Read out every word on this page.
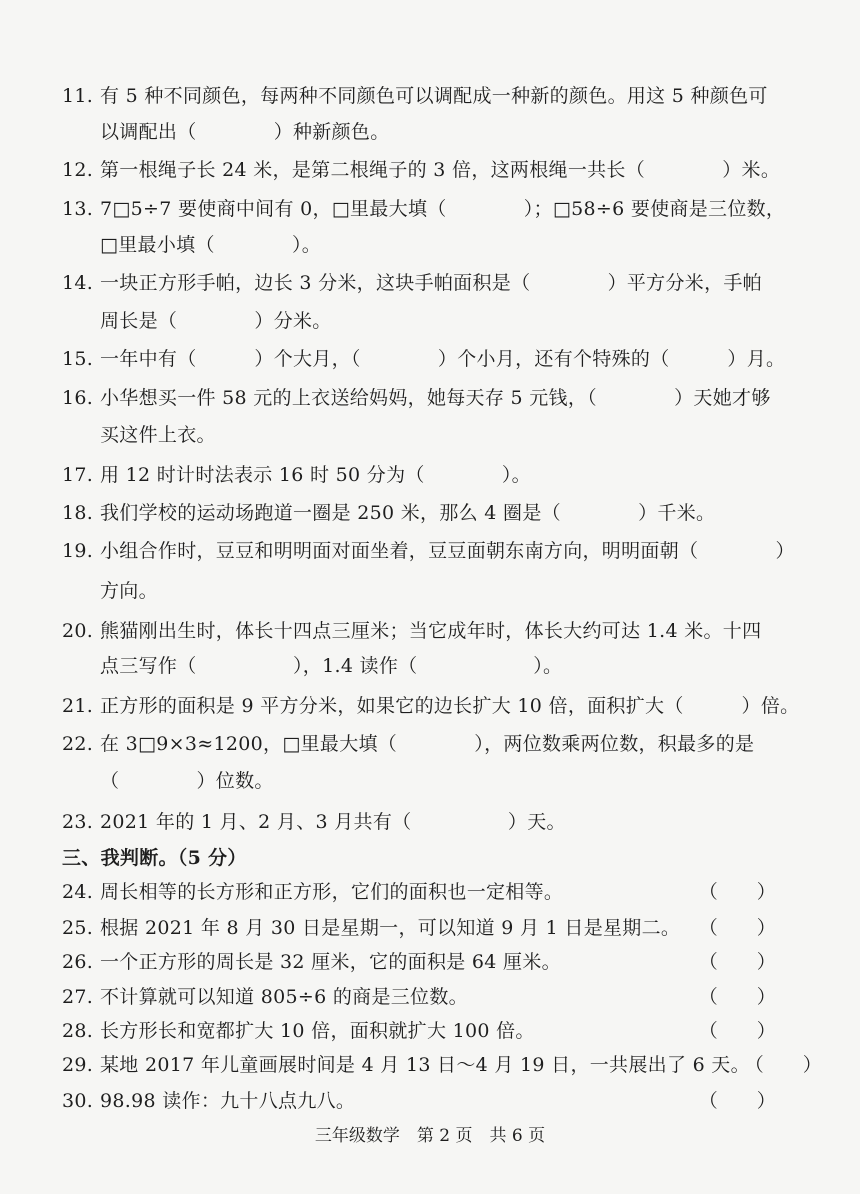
11. 有 5 种不同颜色，每两种不同颜色可以调配成一种新的颜色。用这 5 种颜色可
以调配出（　　　　）种新颜色。
12. 第一根绳子长 24 米，是第二根绳子的 3 倍，这两根绳一共长（　　　　）米。
13. 7□5÷7 要使商中间有 0，□里最大填（　　　　）；□58÷6 要使商是三位数，
□里最小填（　　　　）。
14. 一块正方形手帕，边长 3 分米，这块手帕面积是（　　　　）平方分米，手帕
周长是（　　　　）分米。
15. 一年中有（　　　）个大月，（　　　　）个小月，还有个特殊的（　　　）月。
16. 小华想买一件 58 元的上衣送给妈妈，她每天存 5 元钱，（　　　　）天她才够
买这件上衣。
17. 用 12 时计时法表示 16 时 50 分为（　　　　）。
18. 我们学校的运动场跑道一圈是 250 米，那么 4 圈是（　　　　）千米。
19. 小组合作时，豆豆和明明面对面坐着，豆豆面朝东南方向，明明面朝（　　　　）
方向。
20. 熊猫刚出生时，体长十四点三厘米；当它成年时，体长大约可达 1.4 米。十四
点三写作（　　　　　），1.4 读作（　　　　　　）。
21. 正方形的面积是 9 平方分米，如果它的边长扩大 10 倍，面积扩大（　　　）倍。
22. 在 3□9×3≈1200，□里最大填（　　　　），两位数乘两位数，积最多的是
（　　　　）位数。
23. 2021 年的 1 月、2 月、3 月共有（　　　　　）天。
三、我判断。（5 分）
24. 周长相等的长方形和正方形，它们的面积也一定相等。	（　　）
25. 根据 2021 年 8 月 30 日是星期一，可以知道 9 月 1 日是星期二。 （　　）
26. 一个正方形的周长是 32 厘米，它的面积是 64 厘米。	（　　）
27. 不计算就可以知道 805÷6 的商是三位数。	（　　）
28. 长方形长和宽都扩大 10 倍，面积就扩大 100 倍。	（　　）
29. 某地 2017 年儿童画展时间是 4 月 13 日～4 月 19 日，一共展出了 6 天。
（　　）
30. 98.98 读作：九十八点九八。	（　　）
三年级数学　第 2 页　共 6 页
